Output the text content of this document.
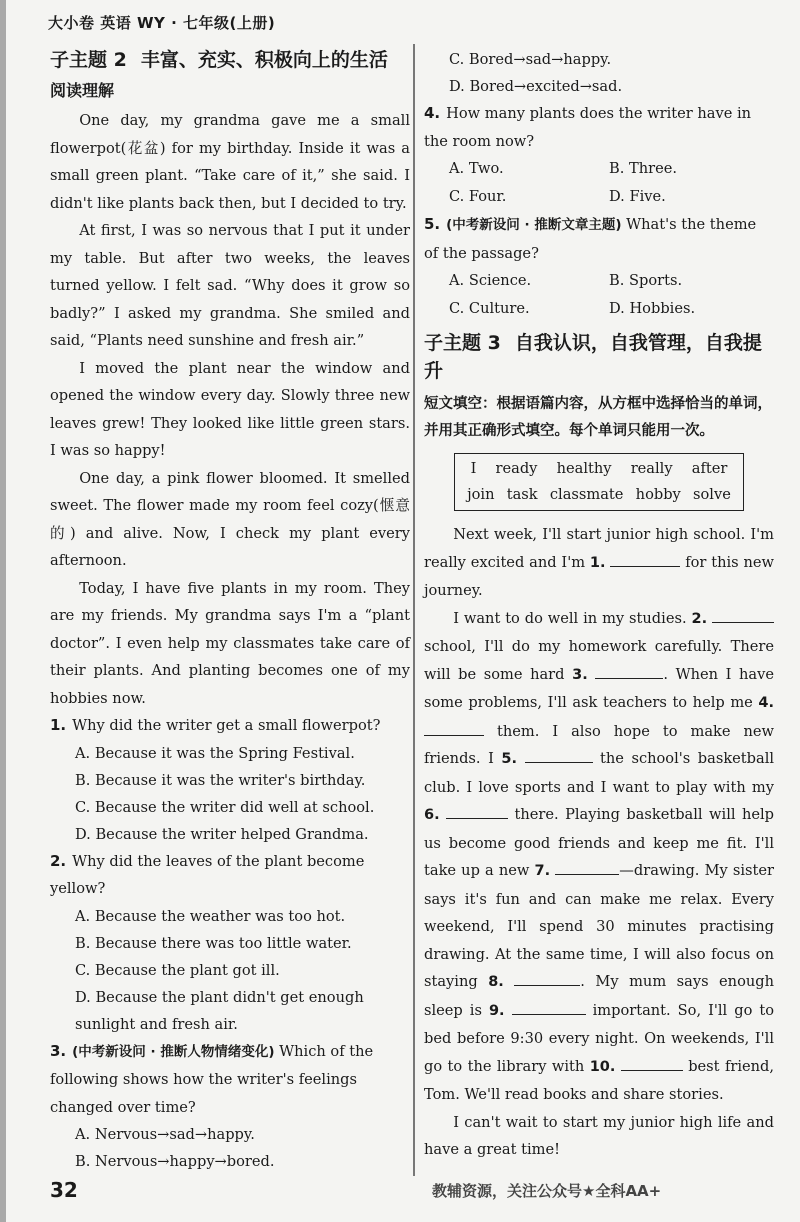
大小卷 英语 WY · 七年级(上册)
子主题 2 丰富、充实、积极向上的生活
阅读理解

One day, my grandma gave me a small flowerpot(花盆) for my birthday. Inside it was a small green plant. “Take care of it,” she said. I didn't like plants back then, but I decided to try.

At first, I was so nervous that I put it under my table. But after two weeks, the leaves turned yellow. I felt sad. “Why does it grow so badly?” I asked my grandma. She smiled and said, “Plants need sunshine and fresh air.”

I moved the plant near the window and opened the window every day. Slowly three new leaves grew! They looked like little green stars. I was so happy!

One day, a pink flower bloomed. It smelled sweet. The flower made my room feel cozy(惬意的) and alive. Now, I check my plant every afternoon.

Today, I have five plants in my room. They are my friends. My grandma says I'm a “plant doctor”. I even help my classmates take care of their plants. And planting becomes one of my hobbies now.

1. Why did the writer get a small flowerpot?

A. Because it was the Spring Festival.
B. Because it was the writer's birthday.
C. Because the writer did well at school.
D. Because the writer helped Grandma.

2. Why did the leaves of the plant become yellow?

A. Because the weather was too hot.
B. Because there was too little water.
C. Because the plant got ill.
D. Because the plant didn't get enough sunlight and fresh air.

3. (中考新设问 · 推断人物情绪变化) Which of the following shows how the writer's feelings changed over time?

A. Nervous→sad→happy.
B. Nervous→happy→bored.
C. Bored→sad→happy.
D. Bored→excited→sad.

4. How many plants does the writer have in the room now?

A. Two.	B. Three.
C. Four.	D. Five.

5. (中考新设问 · 推断文章主题) What's the theme of the passage?

A. Science.	B. Sports.
C. Culture.	D. Hobbies.
子主题 3 自我认识，自我管理，自我提升
短文填空：根据语篇内容，从方框中选择恰当的单词，并用其正确形式填空。每个单词只能用一次。
I ready healthy really after
join task classmate hobby solve

Next week, I'll start junior high school. I'm really excited and I'm 1.	for this new journey.

I want to do well in my studies. 2.  school, I'll do my homework carefully. There will be some hard 3.	. When I have some problems, I'll ask teachers to help me 4.  them. I also hope to make new friends. I 5.	the school's basketball club. I love sports and I want to play with my 6.	there. Playing basketball will help us become good friends and keep me fit. I'll take up a new 7.	—drawing. My sister says it's fun and can make me relax. Every weekend, I'll spend 30 minutes practising drawing. At the same time, I will also focus on staying 8.	. My mum says enough sleep is 9.	important. So, I'll go to bed before 9:30 every night. On weekends, I'll go to the library with 10.	best friend, Tom. We'll read books and share stories.

I can't wait to start my junior high life and have a great time!

32	教辅资源，关注公众号★全科AA+
